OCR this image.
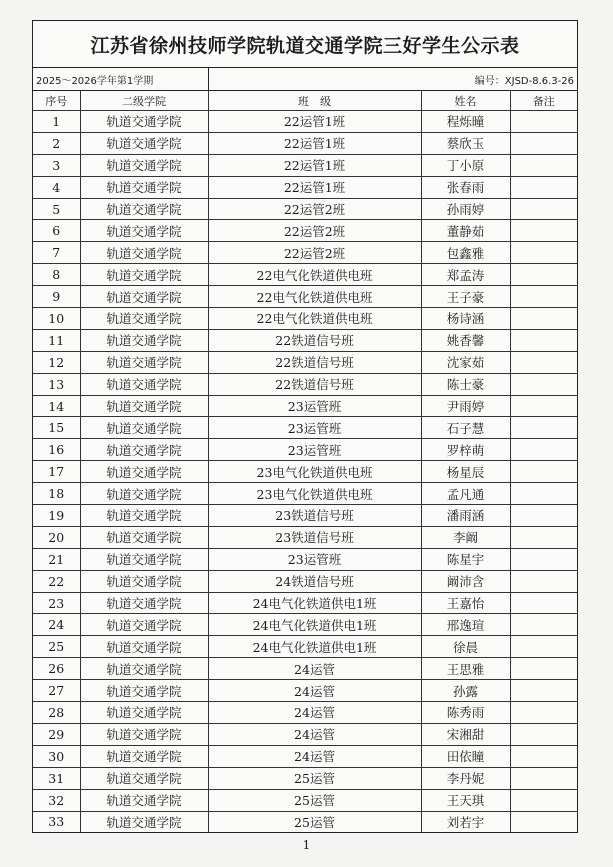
江苏省徐州技师学院轨道交通学院三好学生公示表
2025～2026学年第1学期	编号：XJSD-8.6.3-26
序号	二级学院	班　级	姓名	备注
1	轨道交通学院	22运管1班	程烁曈	
2	轨道交通学院	22运管1班	蔡欣玉	
3	轨道交通学院	22运管1班	丁小原	
4	轨道交通学院	22运管1班	张春雨	
5	轨道交通学院	22运管2班	孙雨婷	
6	轨道交通学院	22运管2班	董静茹	
7	轨道交通学院	22运管2班	包鑫雅	
8	轨道交通学院	22电气化铁道供电班	郑孟涛	
9	轨道交通学院	22电气化铁道供电班	王子豪	
10	轨道交通学院	22电气化铁道供电班	杨诗涵	
11	轨道交通学院	22铁道信号班	姚香馨	
12	轨道交通学院	22铁道信号班	沈家茹	
13	轨道交通学院	22铁道信号班	陈士豪	
14	轨道交通学院	23运管班	尹雨婷	
15	轨道交通学院	23运管班	石子慧	
16	轨道交通学院	23运管班	罗梓萌	
17	轨道交通学院	23电气化铁道供电班	杨星辰	
18	轨道交通学院	23电气化铁道供电班	孟凡通	
19	轨道交通学院	23铁道信号班	潘雨涵	
20	轨道交通学院	23铁道信号班	李阚	
21	轨道交通学院	23运管班	陈星宇	
22	轨道交通学院	24铁道信号班	阚沛含	
23	轨道交通学院	24电气化铁道供电1班	王嘉怡	
24	轨道交通学院	24电气化铁道供电1班	邢逸瑄	
25	轨道交通学院	24电气化铁道供电1班	徐晨	
26	轨道交通学院	24运管	王思雅	
27	轨道交通学院	24运管	孙露	
28	轨道交通学院	24运管	陈秀雨	
29	轨道交通学院	24运管	宋湘甜	
30	轨道交通学院	24运管	田依瞳	
31	轨道交通学院	25运管	李丹妮	
32	轨道交通学院	25运管	王天琪	
33	轨道交通学院	25运管	刘若宇	
1
